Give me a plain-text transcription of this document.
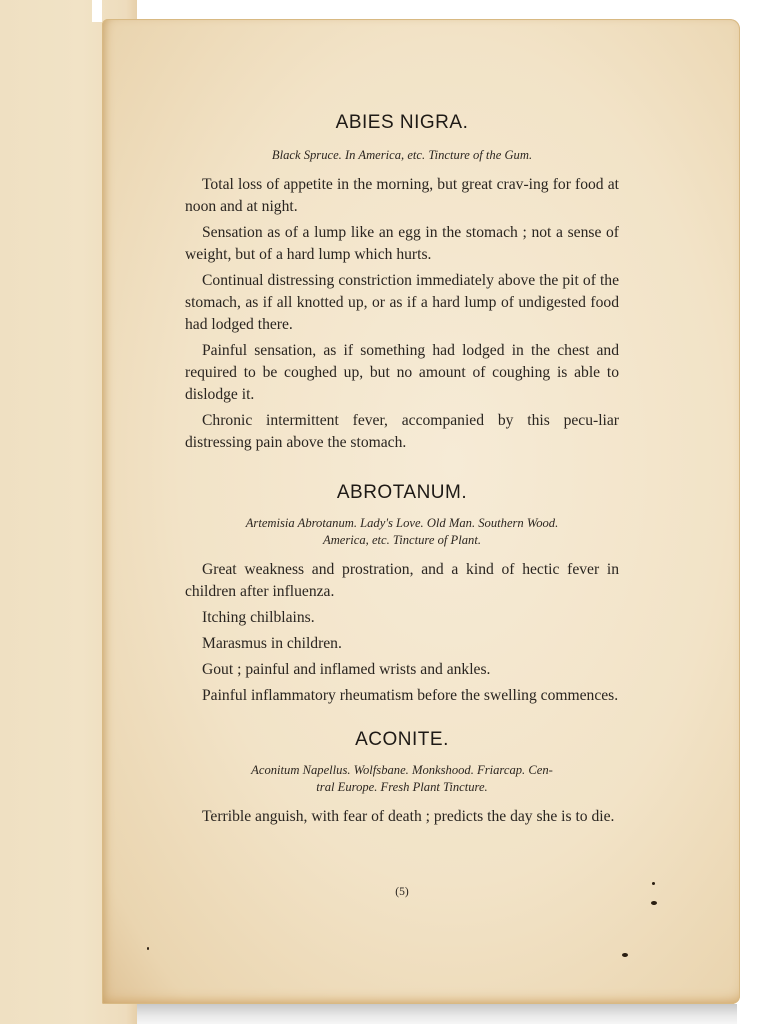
ABIES NIGRA.

Black Spruce. In America, etc. Tincture of the Gum.

Total loss of appetite in the morning, but great crav-ing for food at noon and at night.

Sensation as of a lump like an egg in the stomach ; not a sense of weight, but of a hard lump which hurts.

Continual distressing constriction immediately above the pit of the stomach, as if all knotted up, or as if a hard lump of undigested food had lodged there.

Painful sensation, as if something had lodged in the chest and required to be coughed up, but no amount of coughing is able to dislodge it.

Chronic intermittent fever, accompanied by this pecu-liar distressing pain above the stomach.

ABROTANUM.

Artemisia Abrotanum. Lady's Love. Old Man. Southern Wood.

America, etc. Tincture of Plant.

Great weakness and prostration, and a kind of hectic fever in children after influenza.

Itching chilblains.

Marasmus in children.

Gout ; painful and inflamed wrists and ankles.

Painful inflammatory rheumatism before the swelling commences.

ACONITE.

Aconitum Napellus. Wolfsbane. Monkshood. Friarcap. Cen-

tral Europe. Fresh Plant Tincture.

Terrible anguish, with fear of death ; predicts the day she is to die.

(5)
